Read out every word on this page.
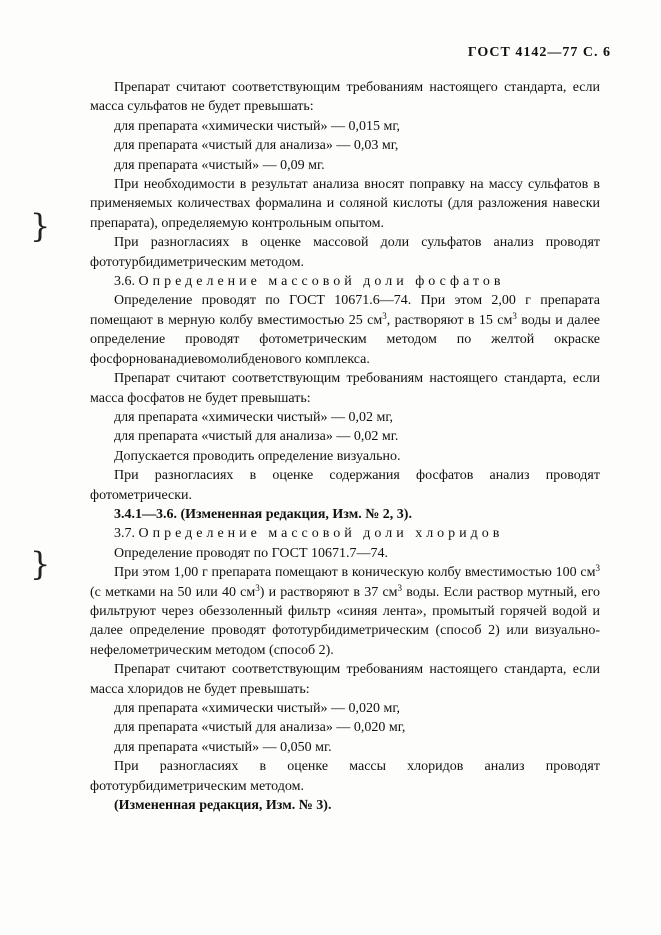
ГОСТ 4142—77 С. 6
}
}

Препарат считают соответствующим требованиям настоящего стандарта, если масса сульфатов не будет превышать:

для препарата «химически чистый» — 0,015 мг,

для препарата «чистый для анализа» — 0,03 мг,

для препарата «чистый» — 0,09 мг.

При необходимости в результат анализа вносят поправку на массу сульфатов в применяемых количествах формалина и соляной кислоты (для разложения навески препарата), определяемую контрольным опытом.

При разногласиях в оценке массовой доли сульфатов анализ проводят фототурбидиметрическим методом.

3.6. Определение массовой доли фосфатов

Определение проводят по ГОСТ 10671.6—74. При этом 2,00 г препарата помещают в мерную колбу вместимостью 25 $см^3$, растворяют в 15 $см^3$ воды и далее определение проводят фотометрическим методом по желтой окраске фосфорнованадиевомолибденового комплекса.

Препарат считают соответствующим требованиям настоящего стандарта, если масса фосфатов не будет превышать:

для препарата «химически чистый» — 0,02 мг,

для препарата «чистый для анализа» — 0,02 мг.

Допускается проводить определение визуально.

При разногласиях в оценке содержания фосфатов анализ проводят фотометрически.

3.4.1—3.6. (Измененная редакция, Изм. № 2, 3).

3.7. Определение массовой доли хлоридов

Определение проводят по ГОСТ 10671.7—74.

При этом 1,00 г препарата помещают в коническую колбу вместимостью 100 $см^3$ (с метками на 50 или 40 $см^3$) и растворяют в 37 $см^3$ воды. Если раствор мутный, его фильтруют через обеззоленный фильтр «синяя лента», промытый горячей водой и далее определение проводят фототурбидиметрическим (способ 2) или визуально-нефелометрическим методом (способ 2).

Препарат считают соответствующим требованиям настоящего стандарта, если масса хлоридов не будет превышать:

для препарата «химически чистый» — 0,020 мг,

для препарата «чистый для анализа» — 0,020 мг,

для препарата «чистый» — 0,050 мг.

При разногласиях в оценке массы хлоридов анализ проводят фототурбидиметрическим методом.

(Измененная редакция, Изм. № 3).
